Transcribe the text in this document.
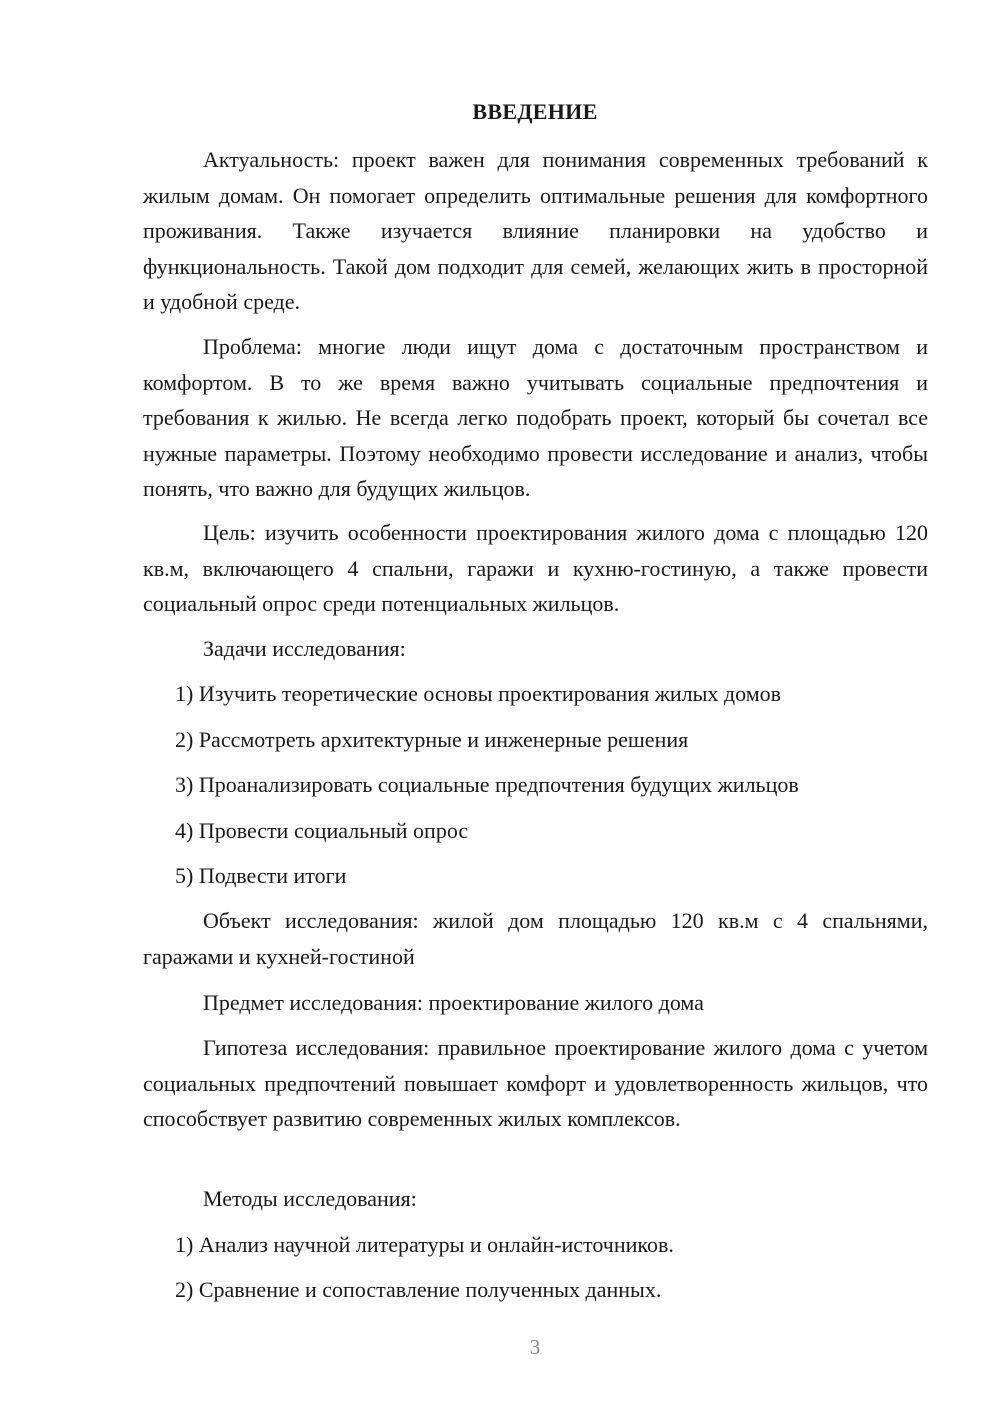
ВВЕДЕНИЕ

Актуальность: проект важен для понимания современных требований к жилым домам. Он помогает определить оптимальные решения для комфортного проживания. Также изучается влияние планировки на удобство и функциональность. Такой дом подходит для семей, желающих жить в просторной и удобной среде.

Проблема: многие люди ищут дома с достаточным пространством и комфортом. В то же время важно учитывать социальные предпочтения и требования к жилью. Не всегда легко подобрать проект, который бы сочетал все нужные параметры. Поэтому необходимо провести исследование и анализ, чтобы понять, что важно для будущих жильцов.

Цель: изучить особенности проектирования жилого дома с площадью 120 кв.м, включающего 4 спальни, гаражи и кухню-гостиную, а также провести социальный опрос среди потенциальных жильцов.

Задачи исследования:

1) Изучить теоретические основы проектирования жилых домов

2) Рассмотреть архитектурные и инженерные решения

3) Проанализировать социальные предпочтения будущих жильцов

4) Провести социальный опрос

5) Подвести итоги

Объект исследования: жилой дом площадью 120 кв.м с 4 спальнями, гаражами и кухней-гостиной

Предмет исследования: проектирование жилого дома

Гипотеза исследования: правильное проектирование жилого дома с учетом социальных предпочтений повышает комфорт и удовлетворенность жильцов, что способствует развитию современных жилых комплексов.

Методы исследования:

1) Анализ научной литературы и онлайн-источников.

2) Сравнение и сопоставление полученных данных.

3
